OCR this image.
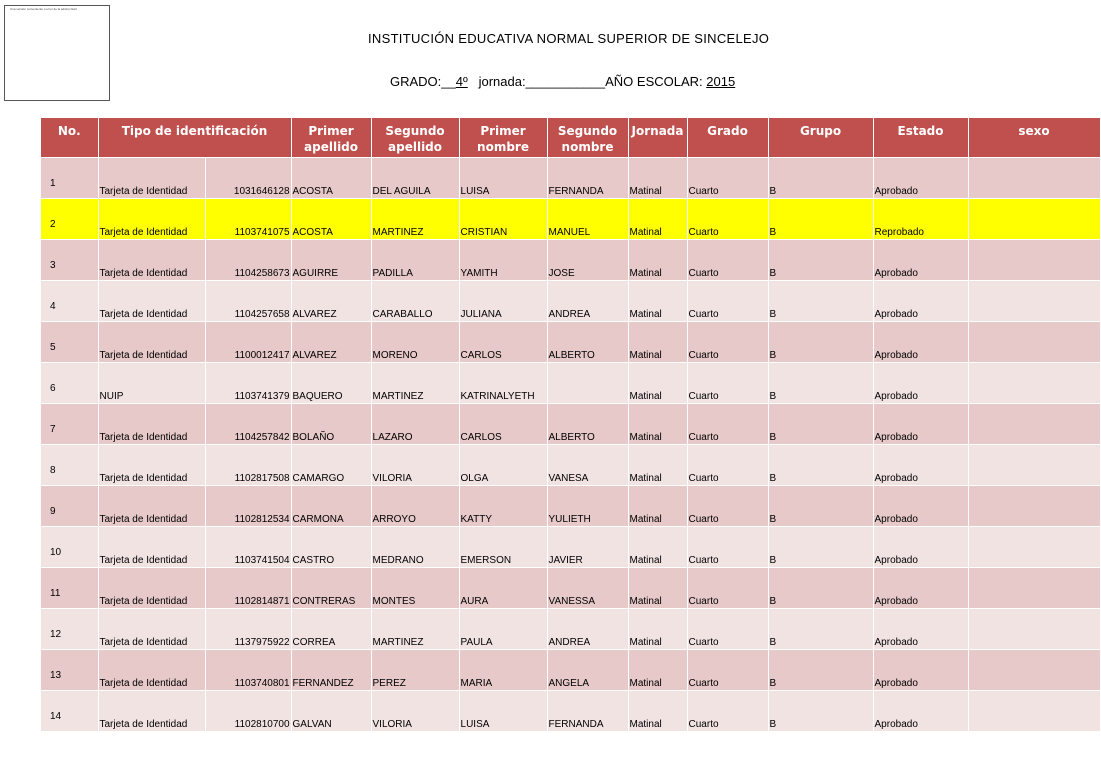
Una versión conveniente o error de la edición fácil
INSTITUCIÓN EDUCATIVA NORMAL SUPERIOR DE SINCELEJO
GRADO:__4º jornada:___________AÑO ESCOLAR: 2015
No.	Tipo de identificación		Primer apellido	Segundo apellido	Primer nombre	Segundo nombre	Jornada	Grado	Grupo	Estado	sexo
1	Tarjeta de Identidad	1031646128	ACOSTA	DEL AGUILA	LUISA	FERNANDA	Matinal	Cuarto	B	Aprobado	
2	Tarjeta de Identidad	1103741075	ACOSTA	MARTINEZ	CRISTIAN	MANUEL	Matinal	Cuarto	B	Reprobado	
3	Tarjeta de Identidad	1104258673	AGUIRRE	PADILLA	YAMITH	JOSE	Matinal	Cuarto	B	Aprobado	
4	Tarjeta de Identidad	1104257658	ALVAREZ	CARABALLO	JULIANA	ANDREA	Matinal	Cuarto	B	Aprobado	
5	Tarjeta de Identidad	1100012417	ALVAREZ	MORENO	CARLOS	ALBERTO	Matinal	Cuarto	B	Aprobado	
6	NUIP	1103741379	BAQUERO	MARTINEZ	KATRINALYETH		Matinal	Cuarto	B	Aprobado	
7	Tarjeta de Identidad	1104257842	BOLAÑO	LAZARO	CARLOS	ALBERTO	Matinal	Cuarto	B	Aprobado	
8	Tarjeta de Identidad	1102817508	CAMARGO	VILORIA	OLGA	VANESA	Matinal	Cuarto	B	Aprobado	
9	Tarjeta de Identidad	1102812534	CARMONA	ARROYO	KATTY	YULIETH	Matinal	Cuarto	B	Aprobado	
10	Tarjeta de Identidad	1103741504	CASTRO	MEDRANO	EMERSON	JAVIER	Matinal	Cuarto	B	Aprobado	
11	Tarjeta de Identidad	1102814871	CONTRERAS	MONTES	AURA	VANESSA	Matinal	Cuarto	B	Aprobado	
12	Tarjeta de Identidad	1137975922	CORREA	MARTINEZ	PAULA	ANDREA	Matinal	Cuarto	B	Aprobado	
13	Tarjeta de Identidad	1103740801	FERNANDEZ	PEREZ	MARIA	ANGELA	Matinal	Cuarto	B	Aprobado	
14	Tarjeta de Identidad	1102810700	GALVAN	VILORIA	LUISA	FERNANDA	Matinal	Cuarto	B	Aprobado	
